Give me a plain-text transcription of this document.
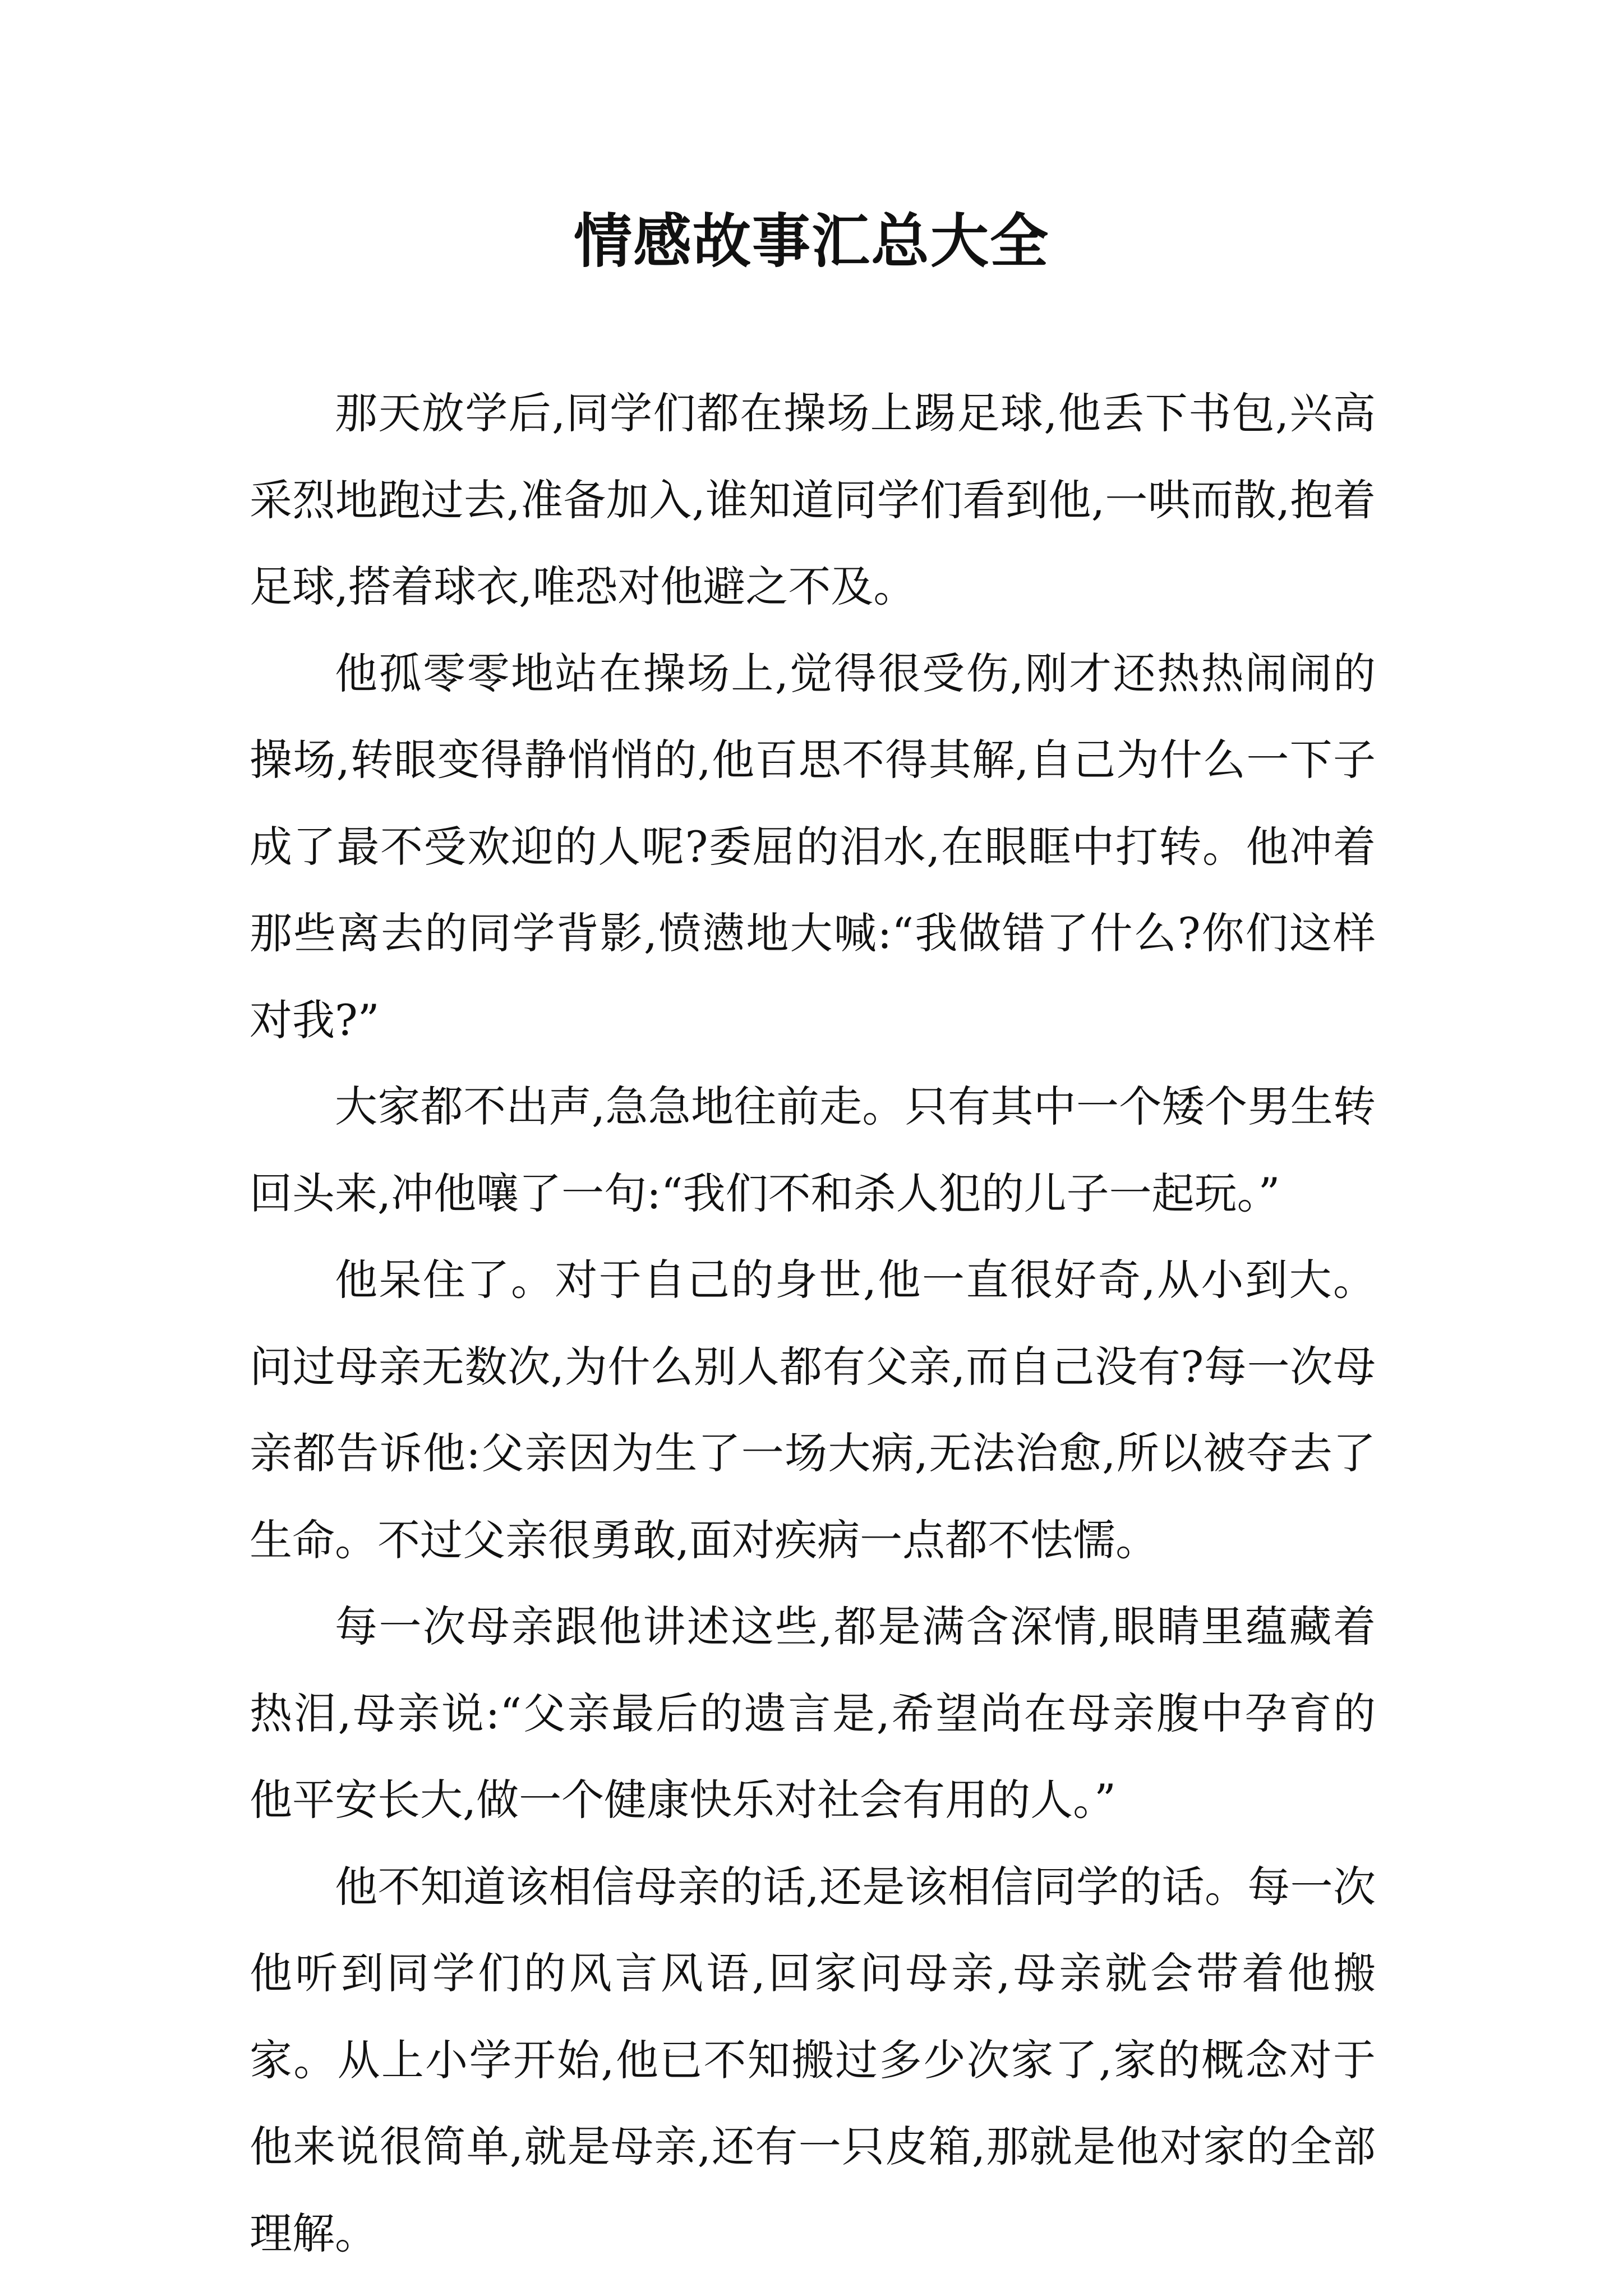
情感故事汇总大全

那天放学后,同学们都在操场上踢足球,他丢下书包,兴高采烈地跑过去,准备加入,谁知道同学们看到他,一哄而散,抱着足球,搭着球衣,唯恐对他避之不及。

他孤零零地站在操场上,觉得很受伤,刚才还热热闹闹的操场,转眼变得静悄悄的,他百思不得其解,自己为什么一下子成了最不受欢迎的人呢?委屈的泪水,在眼眶中打转。他冲着那些离去的同学背影,愤懑地大喊:“我做错了什么?你们这样对我?”

大家都不出声,急急地往前走。只有其中一个矮个男生转回头来,冲他嚷了一句:“我们不和杀人犯的儿子一起玩。”

他呆住了。对于自己的身世,他一直很好奇,从小到大。问过母亲无数次,为什么别人都有父亲,而自己没有?每一次母亲都告诉他:父亲因为生了一场大病,无法治愈,所以被夺去了生命。不过父亲很勇敢,面对疾病一点都不怯懦。

每一次母亲跟他讲述这些,都是满含深情,眼睛里蕴藏着热泪,母亲说:“父亲最后的遗言是,希望尚在母亲腹中孕育的他平安长大,做一个健康快乐对社会有用的人。”

他不知道该相信母亲的话,还是该相信同学的话。每一次他听到同学们的风言风语,回家问母亲,母亲就会带着他搬家。从上小学开始,他已不知搬过多少次家了,家的概念对于他来说很简单,就是母亲,还有一只皮箱,那就是他对家的全部理解。
